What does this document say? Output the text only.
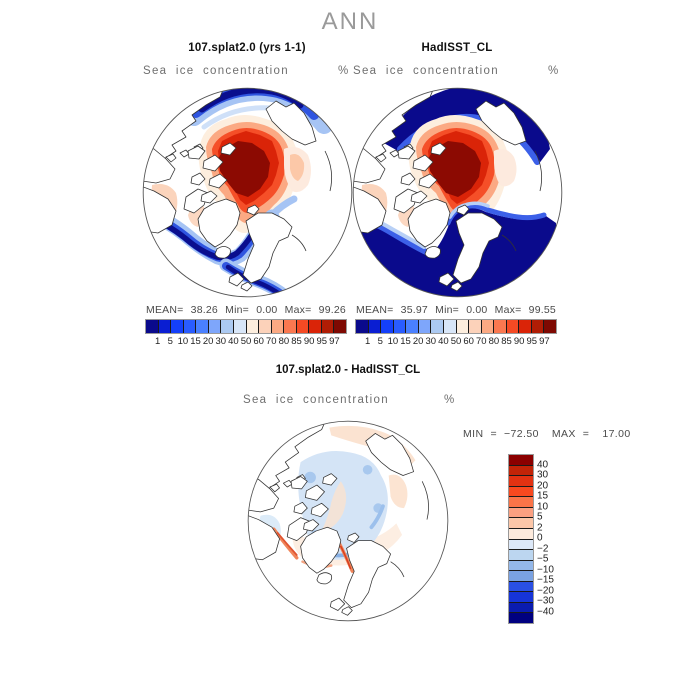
ANN
107.splat2.0 (yrs 1-1)	HadISST_CL
Sea ice concentration	% Sea ice concentration	%
MEAN= 38.26 Min= 0.00 Max= 99.26 MEAN= 35.97 Min= 0.00 Max= 99.55
1 5 10 15 20 30 40 50 60 70 80 85 90 95 97	1 5 10 15 20 30 40 50 60 70 80 85 90 95 97
107.splat2.0 - HadISST_CL
Sea ice concentration	%
MIN = −72.50 MAX = 17.00
40
30
20
15
10
5
2
0
−2
−5
−10
−15
−20
−30
−40
